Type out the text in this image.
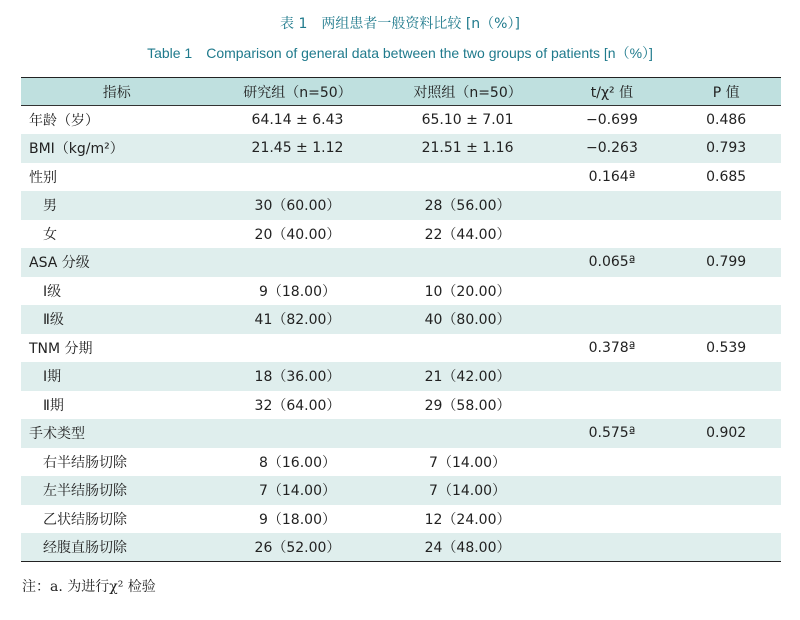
表 1　两组患者一般资料比较 [n（%）]
Table 1　Comparison of general data between the two groups of patients [n（%）]
指标	研究组（n=50）	对照组（n=50）	t/χ² 值	P 值
年龄（岁）	64.14 ± 6.43	65.10 ± 7.01	−0.699	0.486
BMI（kg/m²）	21.45 ± 1.12	21.51 ± 1.16	−0.263	0.793
性别			0.164ª	0.685
男	30（60.00）	28（56.00）		
女	20（40.00）	22（44.00）		
ASA 分级			0.065ª	0.799
Ⅰ级	9（18.00）	10（20.00）		
Ⅱ级	41（82.00）	40（80.00）		
TNM 分期			0.378ª	0.539
Ⅰ期	18（36.00）	21（42.00）		
Ⅱ期	32（64.00）	29（58.00）		
手术类型			0.575ª	0.902
右半结肠切除	8（16.00）	7（14.00）		
左半结肠切除	7（14.00）	7（14.00）		
乙状结肠切除	9（18.00）	12（24.00）		
经腹直肠切除	26（52.00）	24（48.00）		
注：a. 为进行χ² 检验
